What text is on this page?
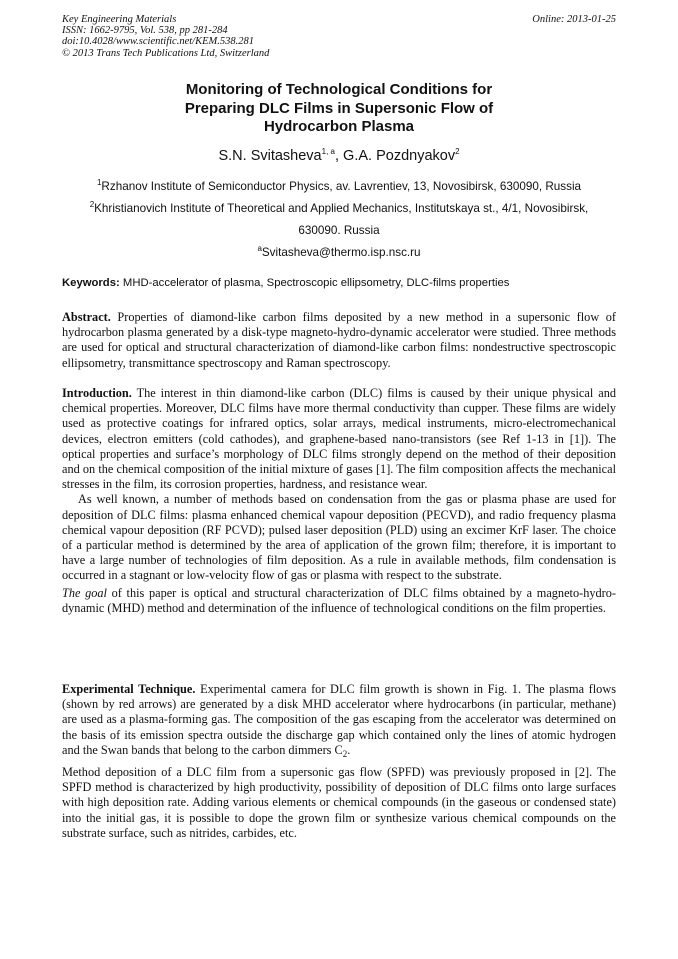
Key Engineering Materials
ISSN: 1662-9795, Vol. 538, pp 281-284
doi:10.4028/www.scientific.net/KEM.538.281
© 2013 Trans Tech Publications Ltd, Switzerland
Online: 2013-01-25
Monitoring of Technological Conditions for
Preparing DLC Films in Supersonic Flow of
Hydrocarbon Plasma
S.N. Svitasheva$^{1, a}$, G.A. Pozdnyakov$^2$
$^1$Rzhanov Institute of Semiconductor Physics, av. Lavrentiev, 13, Novosibirsk, 630090, Russia
$^2$Khristianovich Institute of Theoretical and Applied Mechanics, Institutskaya st., 4/1, Novosibirsk,
630090. Russia
$^a$Svitasheva@thermo.isp.nsc.ru
Keywords: MHD-accelerator of plasma, Spectroscopic ellipsometry, DLC-films properties

Abstract. Properties of diamond-like carbon films deposited by a new method in a supersonic flow of hydrocarbon plasma generated by a disk-type magneto-hydro-dynamic accelerator were studied. Three methods are used for optical and structural characterization of diamond-like carbon films: nondestructive spectroscopic ellipsometry, transmittance spectroscopy and Raman spectroscopy.

Introduction. The interest in thin diamond-like carbon (DLC) films is caused by their unique physical and chemical properties. Moreover, DLC films have more thermal conductivity than cupper. These films are widely used as protective coatings for infrared optics, solar arrays, medical instruments, micro-electromechanical devices, electron emitters (cold cathodes), and graphene-based nano-transistors (see Ref 1-13 in [1]). The optical properties and surface’s morphology of DLC films strongly depend on the method of their deposition and on the chemical composition of the initial mixture of gases [1]. The film composition affects the mechanical stresses in the film, its corrosion properties, hardness, and resistance wear.

As well known, a number of methods based on condensation from the gas or plasma phase are used for deposition of DLC films: plasma enhanced chemical vapour deposition (PECVD), and radio frequency plasma chemical vapour deposition (RF PCVD); pulsed laser deposition (PLD) using an excimer KrF laser. The choice of a particular method is determined by the area of application of the grown film; therefore, it is important to have a large number of technologies of film deposition. As a rule in available methods, film condensation is occurred in a stagnant or low-velocity flow of gas or plasma with respect to the substrate.

The goal of this paper is optical and structural characterization of DLC films obtained by a magneto-hydro-dynamic (MHD) method and determination of the influence of technological conditions on the film properties.

Experimental Technique. Experimental camera for DLC film growth is shown in Fig. 1. The plasma flows (shown by red arrows) are generated by a disk MHD accelerator where hydrocarbons (in particular, methane) are used as a plasma-forming gas. The composition of the gas escaping from the accelerator was determined on the basis of its emission spectra outside the discharge gap which contained only the lines of atomic hydrogen and the Swan bands that belong to the carbon dimmers $C_2$.

Method deposition of a DLC film from a supersonic gas flow (SPFD) was previously proposed in [2]. The SPFD method is characterized by high productivity, possibility of deposition of DLC films onto large surfaces with high deposition rate. Adding various elements or chemical compounds (in the gaseous or condensed state) into the initial gas, it is possible to dope the grown film or synthesize various chemical compounds on the substrate surface, such as nitrides, carbides, etc.
